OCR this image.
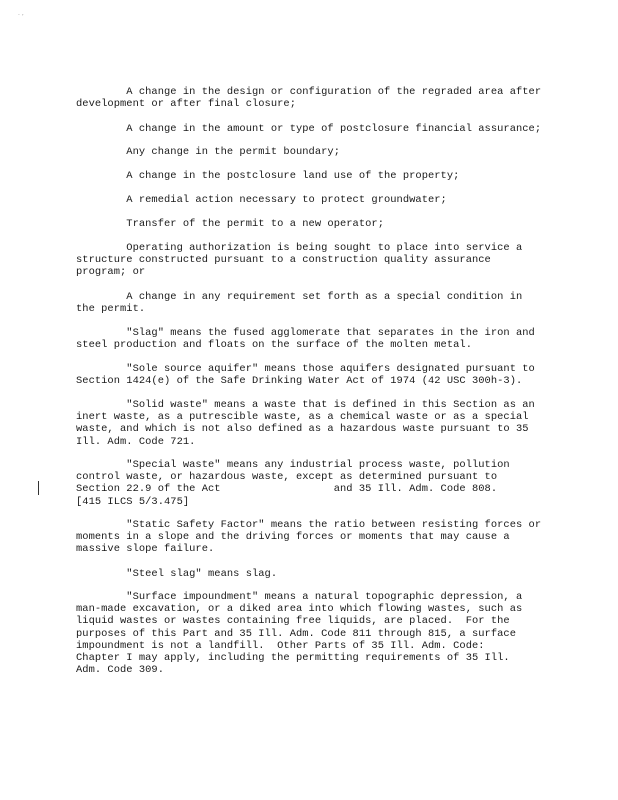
. ,
A change in the design or configuration of the regraded area after
development or after final closure;
A change in the amount or type of postclosure financial assurance;
Any change in the permit boundary;
A change in the postclosure land use of the property;
A remedial action necessary to protect groundwater;
Transfer of the permit to a new operator;
Operating authorization is being sought to place into service a
structure constructed pursuant to a construction quality assurance
program; or
A change in any requirement set forth as a special condition in
the permit.
"Slag" means the fused agglomerate that separates in the iron and
steel production and floats on the surface of the molten metal.
"Sole source aquifer" means those aquifers designated pursuant to
Section 1424(e) of the Safe Drinking Water Act of 1974 (42 USC 300h-3).
"Solid waste" means a waste that is defined in this Section as an
inert waste, as a putrescible waste, as a chemical waste or as a special
waste, and which is not also defined as a hazardous waste pursuant to 35
Ill. Adm. Code 721.
"Special waste" means any industrial process waste, pollution
control waste, or hazardous waste, except as determined pursuant to
Section 22.9 of the Act                  and 35 Ill. Adm. Code 808.
[415 ILCS 5/3.475]
"Static Safety Factor" means the ratio between resisting forces or
moments in a slope and the driving forces or moments that may cause a
massive slope failure.
"Steel slag" means slag.
"Surface impoundment" means a natural topographic depression, a
man-made excavation, or a diked area into which flowing wastes, such as
liquid wastes or wastes containing free liquids, are placed.  For the
purposes of this Part and 35 Ill. Adm. Code 811 through 815, a surface
impoundment is not a landfill.  Other Parts of 35 Ill. Adm. Code:
Chapter I may apply, including the permitting requirements of 35 Ill.
Adm. Code 309.
